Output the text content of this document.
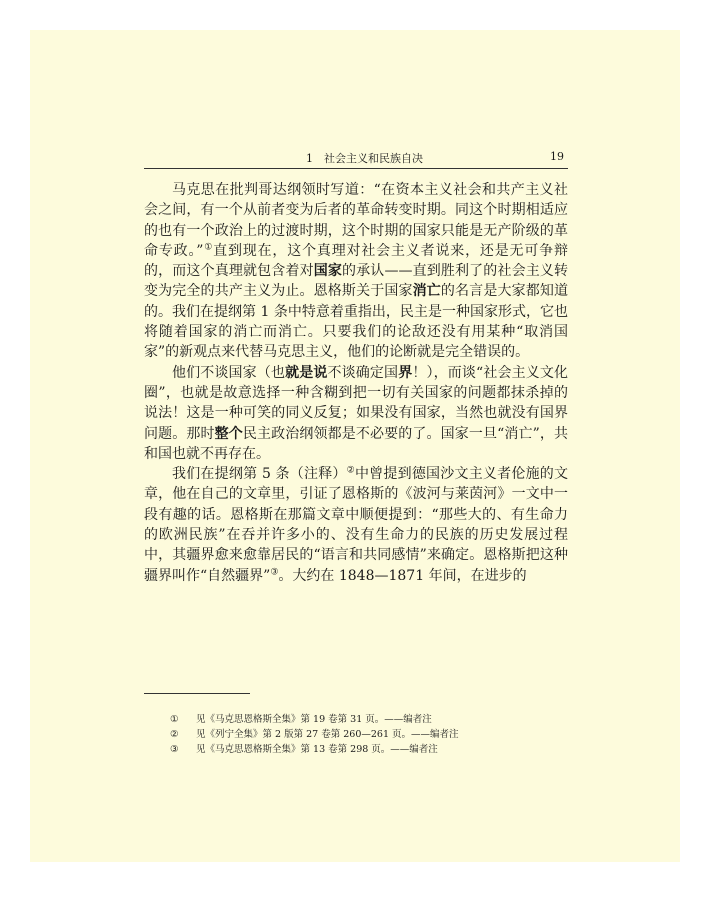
1　社会主义和民族自决	19

马克思在批判哥达纲领时写道：“在资本主义社会和共产主义社会之间，有一个从前者变为后者的革命转变时期。同这个时期相适应的也有一个政治上的过渡时期，这个时期的国家只能是无产阶级的革命专政。”①直到现在，这个真理对社会主义者说来，还是无可争辩的，而这个真理就包含着对国家的承认——直到胜利了的社会主义转变为完全的共产主义为止。恩格斯关于国家消亡的名言是大家都知道的。我们在提纲第 1 条中特意着重指出，民主是一种国家形式，它也将随着国家的消亡而消亡。只要我们的论敌还没有用某种“取消国家”的新观点来代替马克思主义，他们的论断就是完全错误的。

他们不谈国家（也就是说不谈确定国界！），而谈“社会主义文化圈”，也就是故意选择一种含糊到把一切有关国家的问题都抹杀掉的说法！这是一种可笑的同义反复；如果没有国家，当然也就没有国界问题。那时整个民主政治纲领都是不必要的了。国家一旦“消亡”，共和国也就不再存在。

我们在提纲第 5 条（注释）②中曾提到德国沙文主义者伦施的文章，他在自己的文章里，引证了恩格斯的《波河与莱茵河》一文中一段有趣的话。恩格斯在那篇文章中顺便提到：“那些大的、有生命力的欧洲民族”在吞并许多小的、没有生命力的民族的历史发展过程中，其疆界愈来愈靠居民的“语言和共同感情”来确定。恩格斯把这种疆界叫作“自然疆界”③。大约在 1848—1871 年间，在进步的

① 见《马克思恩格斯全集》第 19 卷第 31 页。——编者注
② 见《列宁全集》第 2 版第 27 卷第 260—261 页。——编者注
③ 见《马克思恩格斯全集》第 13 卷第 298 页。——编者注
